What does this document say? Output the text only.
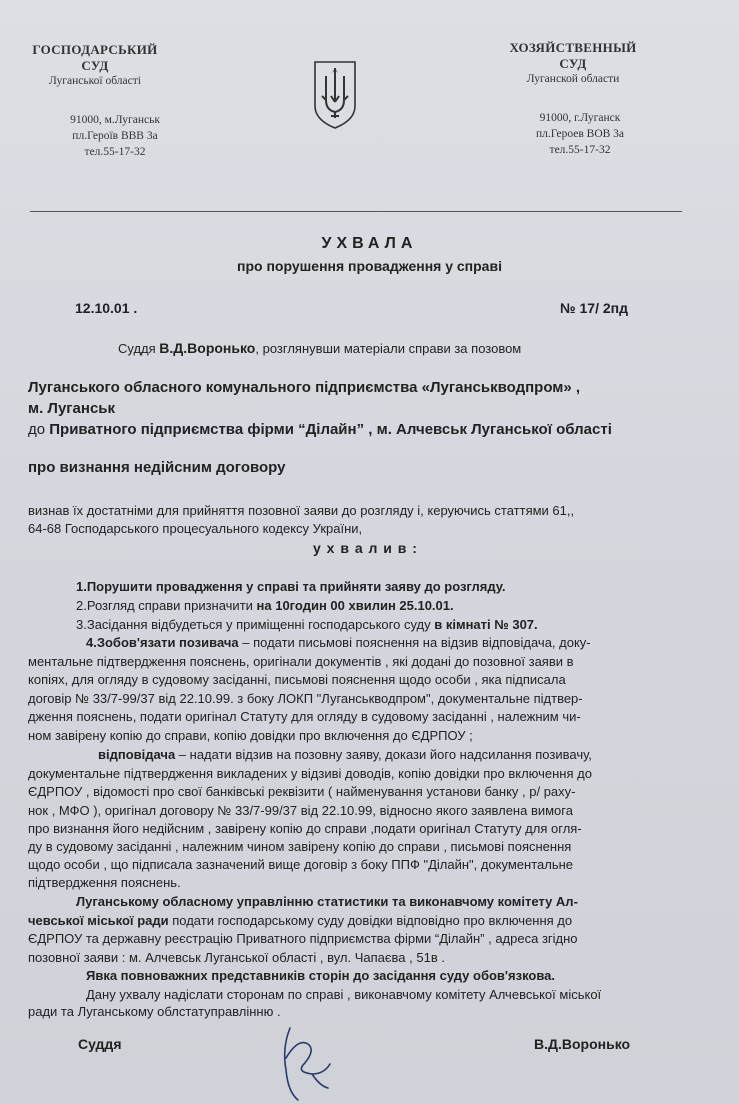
ГОСПОДАРСЬКИЙ
СУД
Луганської області
91000, м.Луганськ
пл.Героїв ВВВ 3а
тел.55-17-32
ХОЗЯЙСТВЕННЫЙ
СУД
Луганской области
91000, г.Луганск
пл.Героев ВОВ 3а
тел.55-17-32
УХВАЛА
про порушення провадження у справі
12.10.01 .	№ 17/ 2пд
Суддя В.Д.Воронько, розглянувши матеріали справи за позовом
Луганського обласного комунального підприємства «Луганськводпром» ,
м. Луганськ
до Приватного підприємства фірми “Ділайн” , м. Алчевськ Луганської області
про визнання недійсним договору
визнав їх достатніми для прийняття позовної заяви до розгляду і, керуючись статтями 61,,
64-68 Господарського процесуального кодексу України,
у х в а л и в :
1.Порушити провадження у справі та прийняти заяву до розгляду.
2.Розгляд справи призначити на 10годин 00 хвилин 25.10.01.
3.Засідання відбудеться у приміщенні господарського суду в кімнаті № 307.
4.Зобов'язати позивача – подати письмові пояснення на відзив відповідача, доку-
ментальне підтвердження пояснень, оригінали документів , які додані до позовної заяви в
копіях, для огляду в судовому засіданні, письмові пояснення щодо особи , яка підписала
договір № 33/7-99/37 від 22.10.99. з боку ЛОКП "Луганськводпром", документальне підтвер-
дження пояснень, подати оригінал Статуту для огляду в судовому засіданні , належним чи-
ном завірену копію до справи, копію довідки про включення до ЄДРПОУ ;
відповідача – надати відзив на позовну заяву, докази його надсилання позивачу,
документальне підтвердження викладених у відзиві доводів, копію довідки про включення до
ЄДРПОУ , відомості про свої банківські реквізити ( найменування установи банку , р/ раху-
нок , МФО ), оригінал договору № 33/7-99/37 від 22.10.99, відносно якого заявлена вимога
про визнання його недійсним , завірену копію до справи ,подати оригінал Статуту для огля-
ду в судовому засіданні , належним чином завірену копію до справи , письмові пояснення
щодо особи , що підписала зазначений вище договір з боку ППФ "Ділайн", документальне
підтвердження пояснень.
Луганському обласному управлінню статистики та виконавчому комітету Ал-
чевської міської ради подати господарському суду довідки відповідно про включення до
ЄДРПОУ та державну реєстрацію Приватного підприємства фірми “Ділайн” , адреса згідно
позовної заяви : м. Алчевськ Луганської області , вул. Чапаєва , 51в .
Явка повноважних представників сторін до засідання суду обов'язкова.
Дану ухвалу надіслати сторонам по справі , виконавчому комітету Алчевської міської
ради та Луганському облстатуправлінню .
Суддя	В.Д.Воронько
